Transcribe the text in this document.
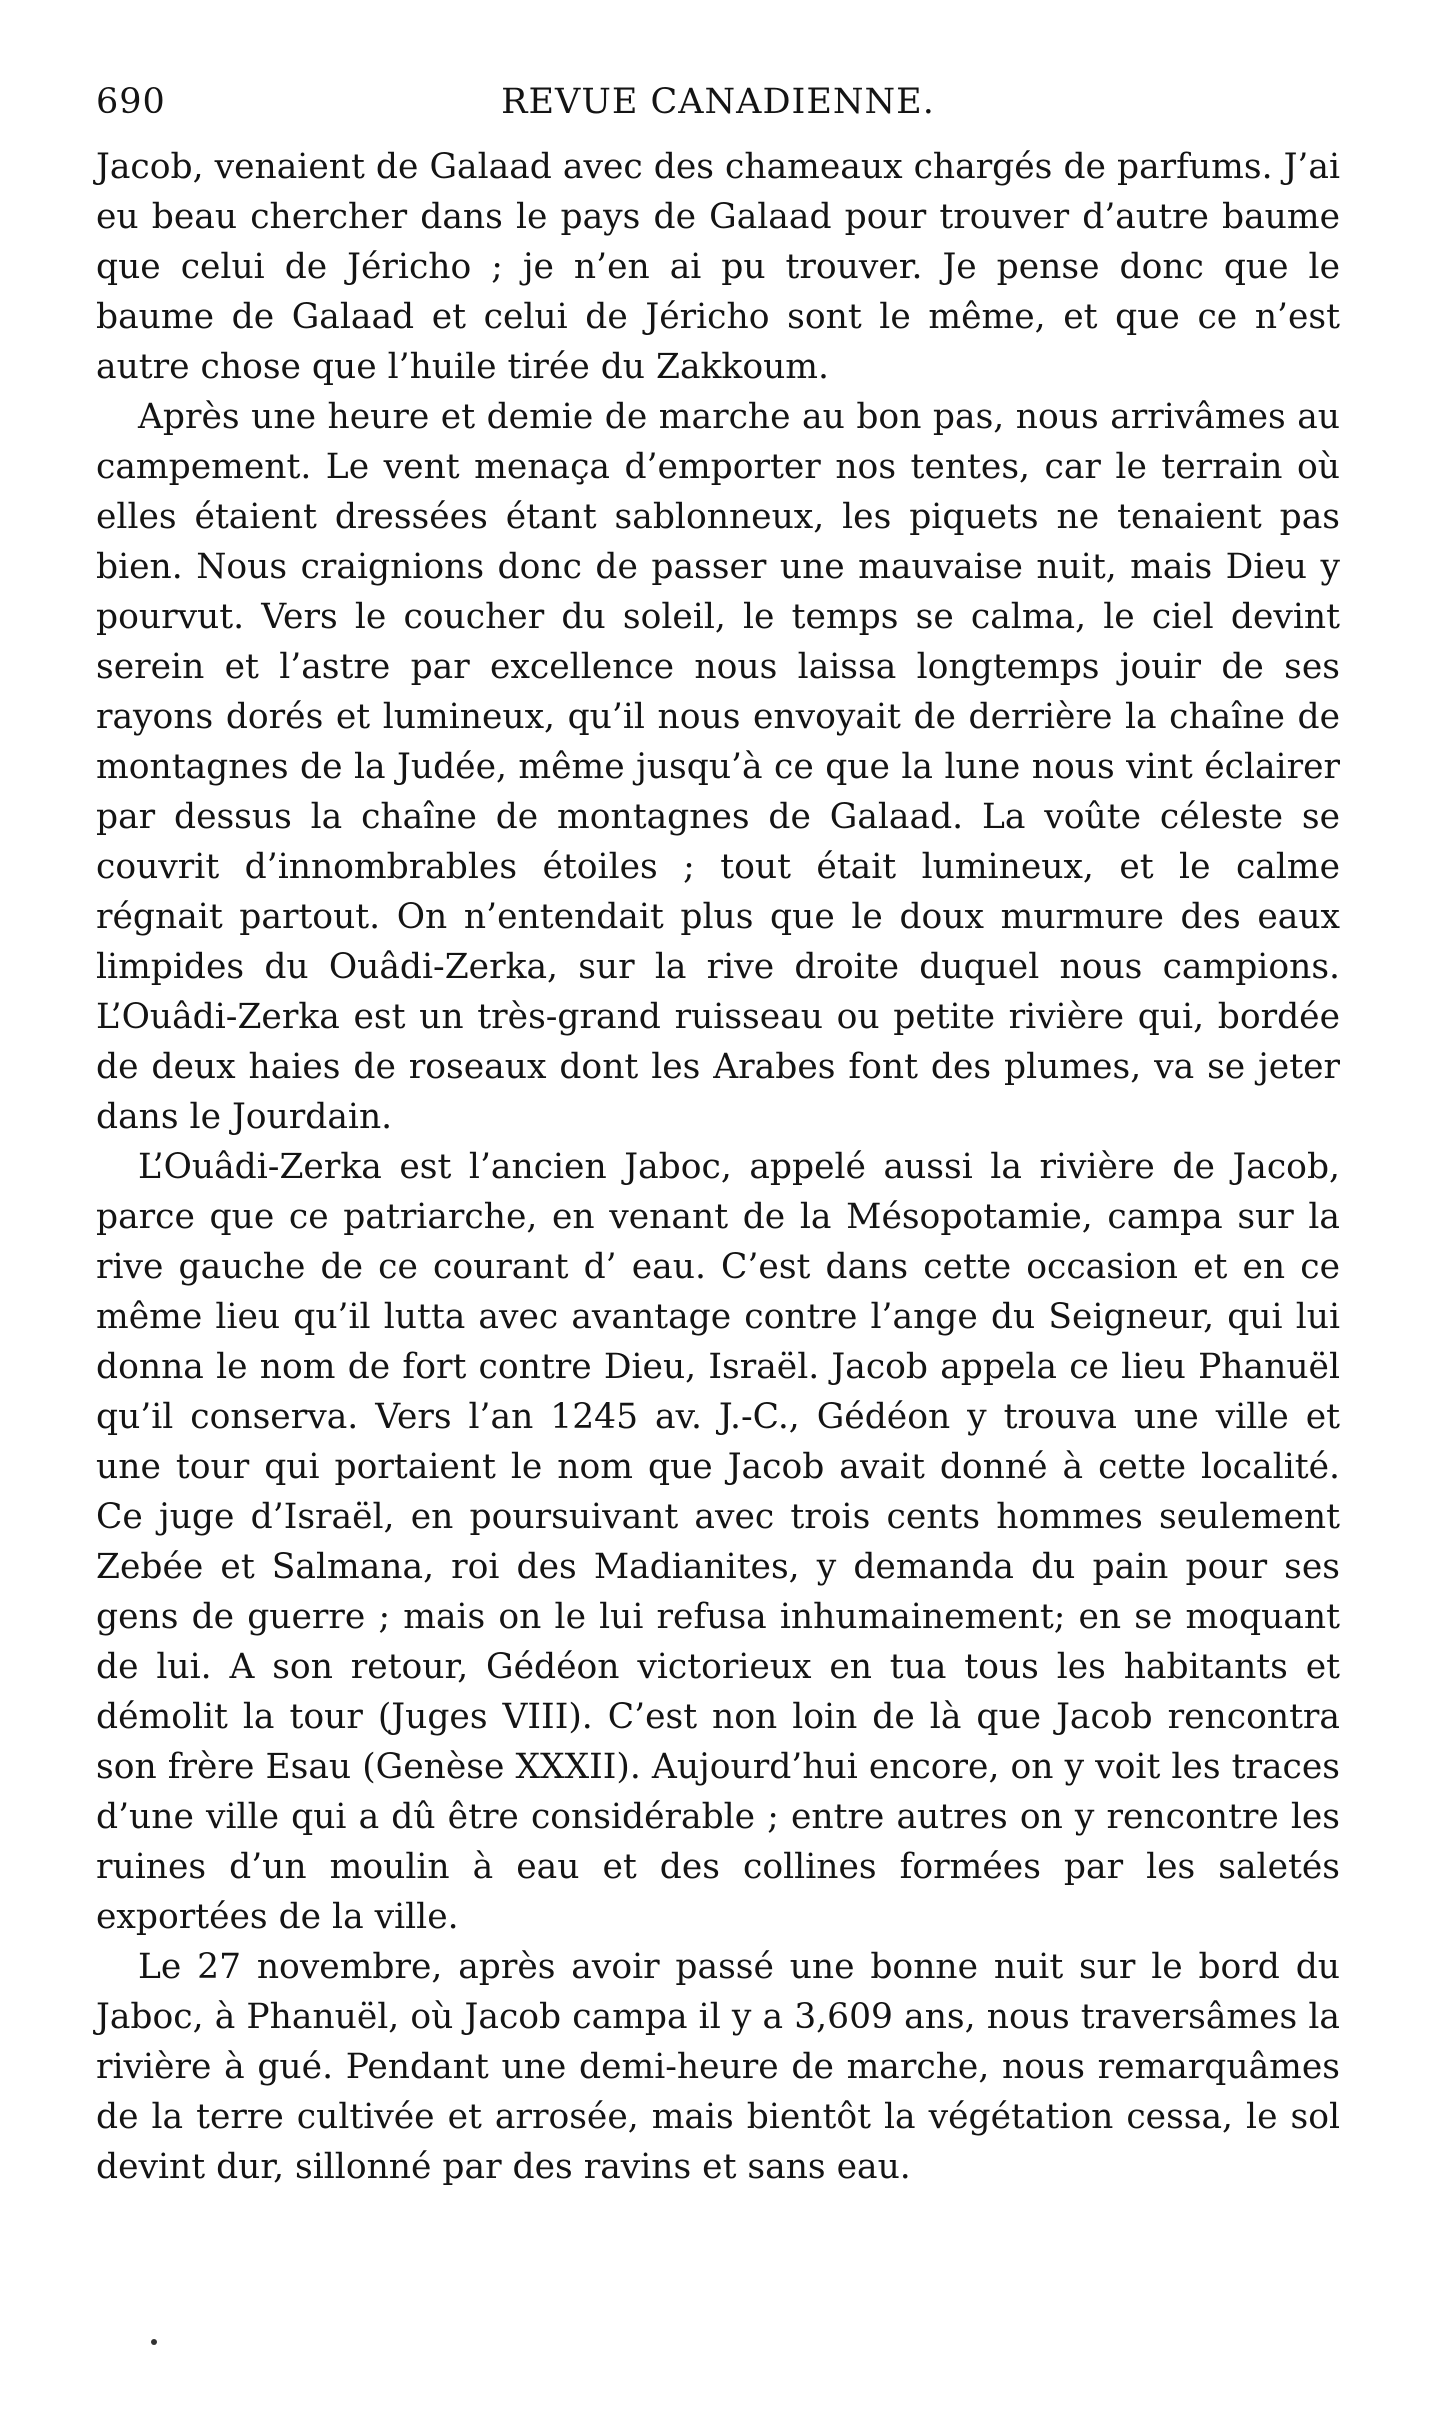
690	REVUE CANADIENNE.

Jacob, venaient de Galaad avec des chameaux chargés de parfums. J’ai eu beau chercher dans le pays de Galaad pour trouver d’autre baume que celui de Jéricho ; je n’en ai pu trouver. Je pense donc que le baume de Galaad et celui de Jéricho sont le même, et que ce n’est autre chose que l’huile tirée du Zakkoum.

Après une heure et demie de marche au bon pas, nous arrivâmes au campement. Le vent menaça d’emporter nos tentes, car le terrain où elles étaient dressées étant sablonneux, les piquets ne tenaient pas bien. Nous craignions donc de passer une mauvaise nuit, mais Dieu y pourvut. Vers le coucher du soleil, le temps se calma, le ciel devint serein et l’astre par excellence nous laissa longtemps jouir de ses rayons dorés et lumineux, qu’il nous envoyait de derrière la chaîne de montagnes de la Judée, même jusqu’à ce que la lune nous vint éclairer par dessus la chaîne de montagnes de Galaad. La voûte céleste se couvrit d’innombrables étoiles ; tout était lumineux, et le calme régnait partout. On n’entendait plus que le doux murmure des eaux limpides du Ouâdi-Zerka, sur la rive droite duquel nous campions. L’Ouâdi-Zerka est un très-grand ruisseau ou petite rivière qui, bordée de deux haies de roseaux dont les Arabes font des plumes, va se jeter dans le Jourdain.

L’Ouâdi-Zerka est l’ancien Jaboc, appelé aussi la rivière de Jacob, parce que ce patriarche, en venant de la Mésopotamie, campa sur la rive gauche de ce courant d’ eau. C’est dans cette occasion et en ce même lieu qu’il lutta avec avantage contre l’ange du Seigneur, qui lui donna le nom de fort contre Dieu, Israël. Jacob appela ce lieu Phanuël qu’il conserva. Vers l’an 1245 av. J.-C., Gédéon y trouva une ville et une tour qui portaient le nom que Jacob avait donné à cette localité. Ce juge d’Israël, en poursuivant avec trois cents hommes seulement Zebée et Salmana, roi des Madianites, y demanda du pain pour ses gens de guerre ; mais on le lui refusa inhumainement; en se moquant de lui. A son retour, Gédéon victorieux en tua tous les habitants et démolit la tour (Juges VIII). C’est non loin de là que Jacob rencontra son frère Esau (Genèse XXXII). Aujourd’hui encore, on y voit les traces d’une ville qui a dû être considérable ; entre autres on y rencontre les ruines d’un moulin à eau et des collines formées par les saletés exportées de la ville.

Le 27 novembre, après avoir passé une bonne nuit sur le bord du Jaboc, à Phanuël, où Jacob campa il y a 3,609 ans, nous traversâmes la rivière à gué. Pendant une demi-heure de marche, nous remarquâmes de la terre cultivée et arrosée, mais bientôt la végétation cessa, le sol devint dur, sillonné par des ravins et sans eau.
